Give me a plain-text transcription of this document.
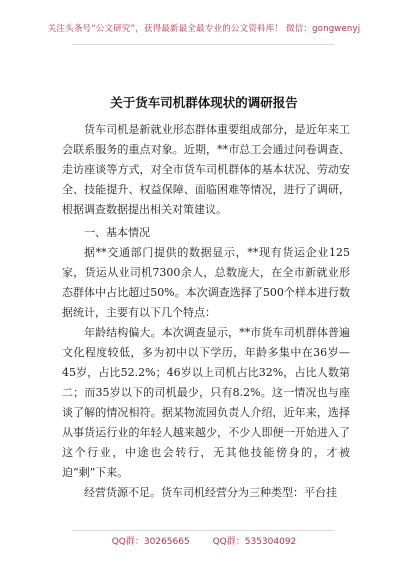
关注头条号“公文研究”，获得最新最全最专业的公文资料库！ 微信：gongwenyj
关于货车司机群体现状的调研报告

货车司机是新就业形态群体重要组成部分，是近年来工会联系服务的重点对象。近期，**市总工会通过问卷调查、走访座谈等方式，对全市货车司机群体的基本状况、劳动安全、技能提升、权益保障、面临困难等情况，进行了调研，根据调查数据提出相关对策建议。

一、基本情况

据**交通部门提供的数据显示，**现有货运企业125家，货运从业司机7300余人，总数庞大，在全市新就业形态群体中占比超过50%。本次调查选择了500个样本进行数据统计，主要有以下几个特点：

年龄结构偏大。本次调查显示，**市货车司机群体普遍文化程度较低，多为初中以下学历，年龄多集中在36岁—45岁，占比52.2%；46岁以上司机占比32%，占比人数第二；而35岁以下的司机最少，只有8.2%。这一情况也与座谈了解的情况相符。据某物流园负责人介绍，近年来，选择从事货运行业的年轻人越来越少，不少人即便一开始进入了这个行业，中途也会转行，无其他技能傍身的，才被迫“剩”下来。

经营货源不足。货车司机经营分为三种类型：平台挂

QQ群：30265665	QQ群：535304092
